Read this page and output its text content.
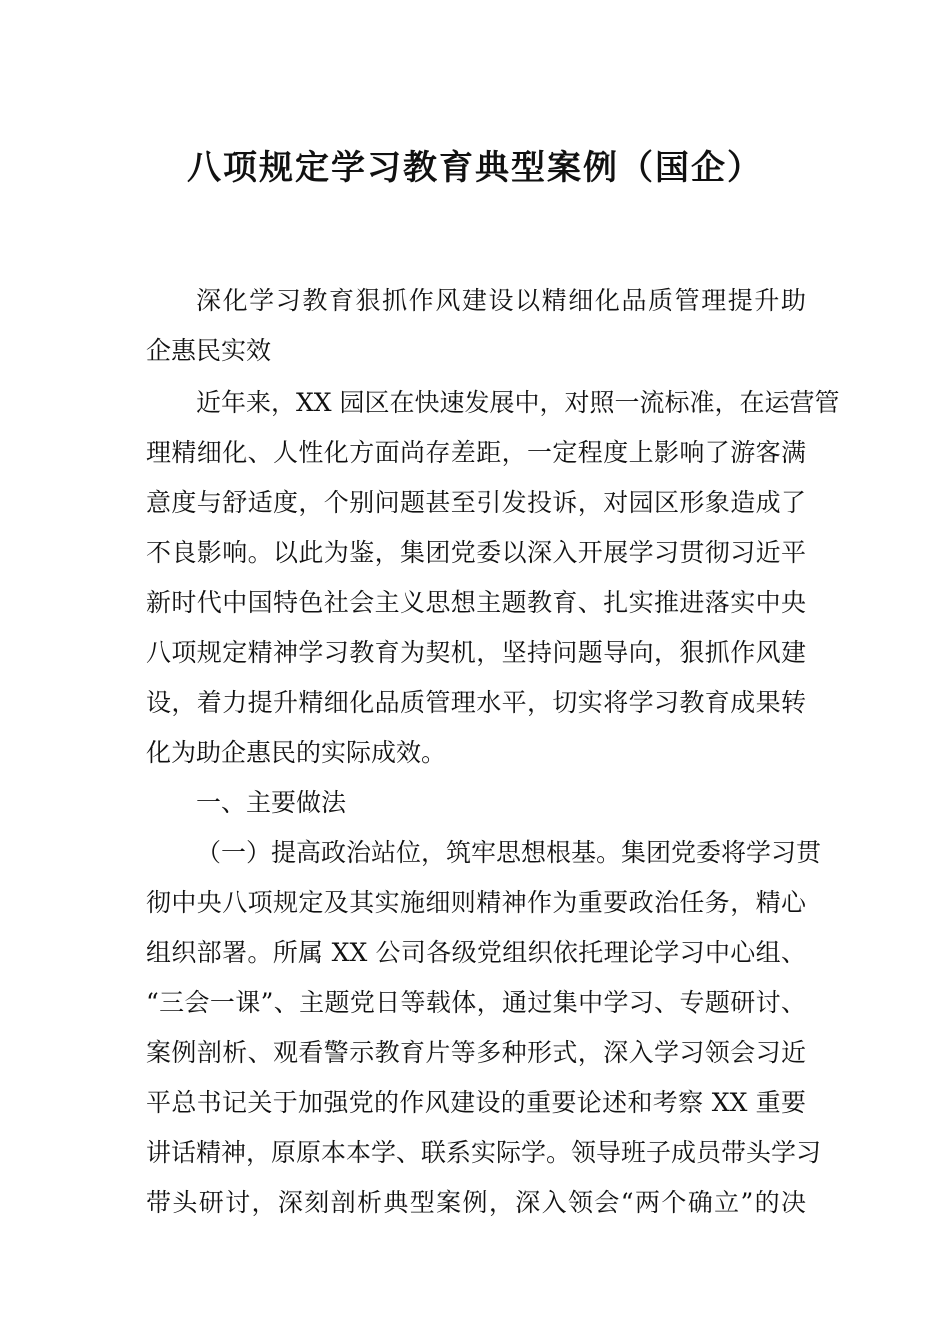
八项规定学习教育典型案例（国企）
深化学习教育狠抓作风建设以精细化品质管理提升助
企惠民实效
近年来，XX 园区在快速发展中，对照一流标准，在运营管
理精细化、人性化方面尚存差距，一定程度上影响了游客满
意度与舒适度，个别问题甚至引发投诉，对园区形象造成了
不良影响。以此为鉴，集团党委以深入开展学习贯彻习近平
新时代中国特色社会主义思想主题教育、扎实推进落实中央
八项规定精神学习教育为契机，坚持问题导向，狠抓作风建
设，着力提升精细化品质管理水平，切实将学习教育成果转
化为助企惠民的实际成效。
一、主要做法
（一）提高政治站位，筑牢思想根基。集团党委将学习贯
彻中央八项规定及其实施细则精神作为重要政治任务，精心
组织部署。所属 XX 公司各级党组织依托理论学习中心组、
“三会一课”、主题党日等载体，通过集中学习、专题研讨、
案例剖析、观看警示教育片等多种形式，深入学习领会习近
平总书记关于加强党的作风建设的重要论述和考察 XX 重要
讲话精神，原原本本学、联系实际学。领导班子成员带头学习
带头研讨，深刻剖析典型案例，深入领会“两个确立”的决
